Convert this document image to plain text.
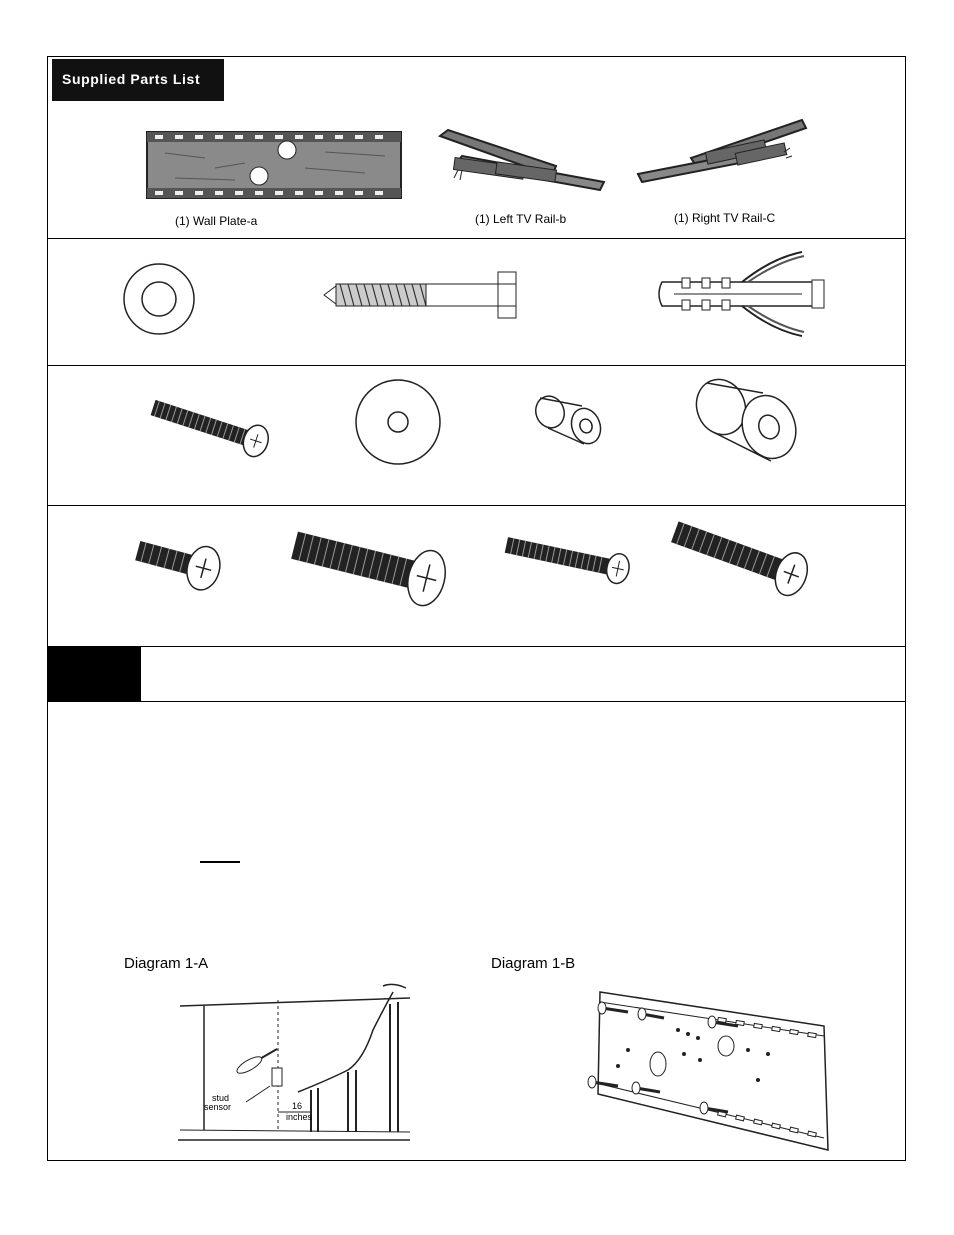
Supplied Parts List
(1) Wall Plate-a	(1) Left TV Rail-b	(1) Right TV Rail-C
Diagram 1-A	Diagram 1-B
stud
sensor	16
inches
